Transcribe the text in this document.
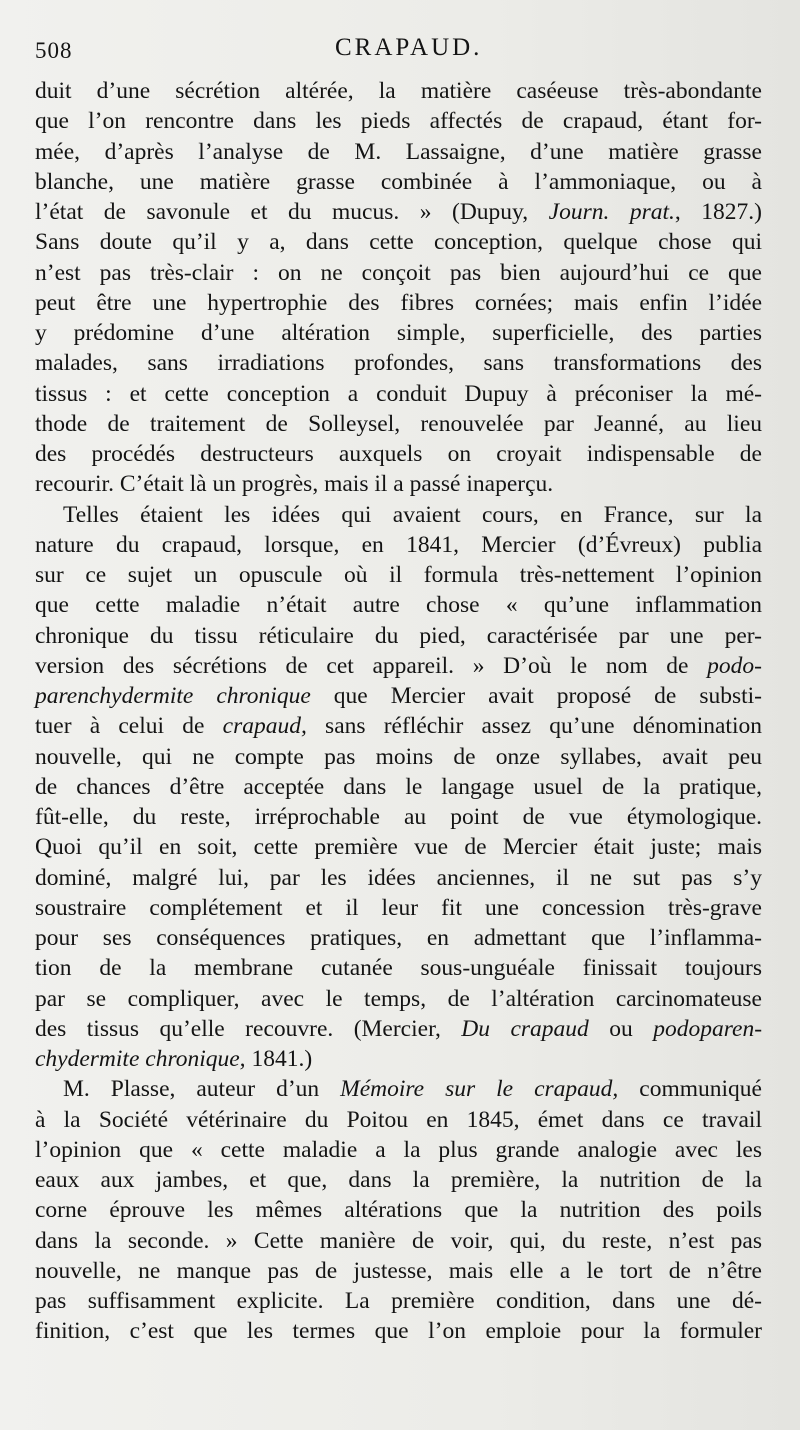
508	CRAPAUD.
duit d’une sécrétion altérée, la matière caséeuse très-abondante
que l’on rencontre dans les pieds affectés de crapaud, étant for-
mée, d’après l’analyse de M. Lassaigne, d’une matière grasse
blanche, une matière grasse combinée à l’ammoniaque, ou à
l’état de savonule et du mucus. » (Dupuy, Journ. prat., 1827.)
Sans doute qu’il y a, dans cette conception, quelque chose qui
n’est pas très-clair : on ne conçoit pas bien aujourd’hui ce que
peut être une hypertrophie des fibres cornées; mais enfin l’idée
y prédomine d’une altération simple, superficielle, des parties
malades, sans irradiations profondes, sans transformations des
tissus : et cette conception a conduit Dupuy à préconiser la mé-
thode de traitement de Solleysel, renouvelée par Jeanné, au lieu
des procédés destructeurs auxquels on croyait indispensable de
recourir. C’était là un progrès, mais il a passé inaperçu.
Telles étaient les idées qui avaient cours, en France, sur la
nature du crapaud, lorsque, en 1841, Mercier (d’Évreux) publia
sur ce sujet un opuscule où il formula très-nettement l’opinion
que cette maladie n’était autre chose « qu’une inflammation
chronique du tissu réticulaire du pied, caractérisée par une per-
version des sécrétions de cet appareil. » D’où le nom de podo-
parenchydermite chronique que Mercier avait proposé de substi-
tuer à celui de crapaud, sans réfléchir assez qu’une dénomination
nouvelle, qui ne compte pas moins de onze syllabes, avait peu
de chances d’être acceptée dans le langage usuel de la pratique,
fût-elle, du reste, irréprochable au point de vue étymologique.
Quoi qu’il en soit, cette première vue de Mercier était juste; mais
dominé, malgré lui, par les idées anciennes, il ne sut pas s’y
soustraire complétement et il leur fit une concession très-grave
pour ses conséquences pratiques, en admettant que l’inflamma-
tion de la membrane cutanée sous-unguéale finissait toujours
par se compliquer, avec le temps, de l’altération carcinomateuse
des tissus qu’elle recouvre. (Mercier, Du crapaud ou podoparen-
chydermite chronique, 1841.)
M. Plasse, auteur d’un Mémoire sur le crapaud, communiqué
à la Société vétérinaire du Poitou en 1845, émet dans ce travail
l’opinion que « cette maladie a la plus grande analogie avec les
eaux aux jambes, et que, dans la première, la nutrition de la
corne éprouve les mêmes altérations que la nutrition des poils
dans la seconde. » Cette manière de voir, qui, du reste, n’est pas
nouvelle, ne manque pas de justesse, mais elle a le tort de n’être
pas suffisamment explicite. La première condition, dans une dé-
finition, c’est que les termes que l’on emploie pour la formuler
